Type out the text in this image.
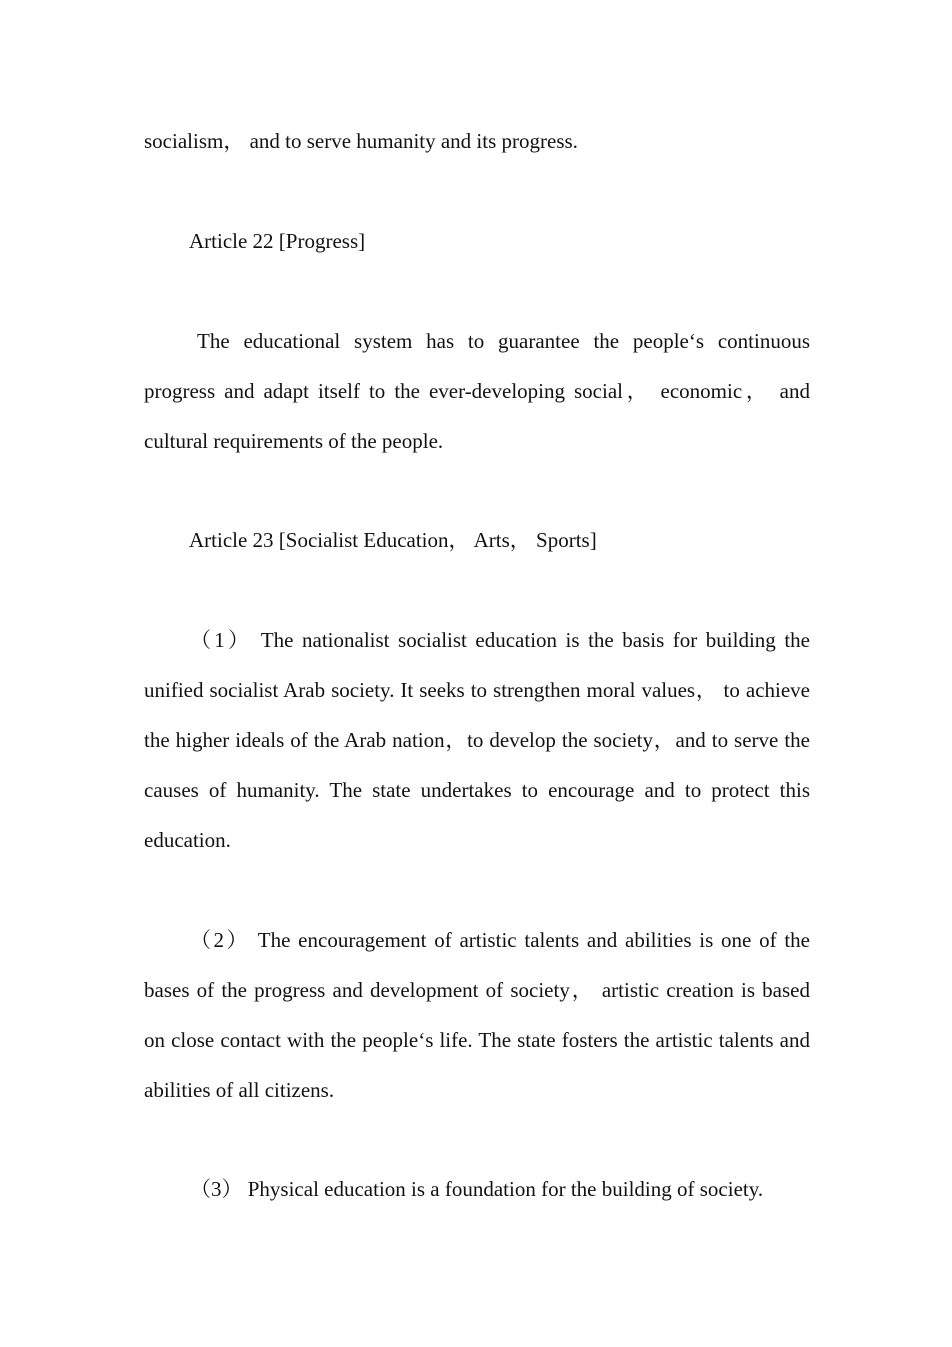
socialism， and to serve humanity and its progress.

Article 22 [Progress]

The educational system has to guarantee the people‘s continuous progress and adapt itself to the ever-developing social， economic， and cultural requirements of the people.

Article 23 [Socialist Education， Arts， Sports]

（1） The nationalist socialist education is the basis for building the unified socialist Arab society. It seeks to strengthen moral values， to achieve the higher ideals of the Arab nation，to develop the society，and to serve the causes of humanity. The state undertakes to encourage and to protect this education.

（2） The encouragement of artistic talents and abilities is one of the bases of the progress and development of society， artistic creation is based on close contact with the people‘s life. The state fosters the artistic talents and abilities of all citizens.

（3） Physical education is a foundation for the building of society.
